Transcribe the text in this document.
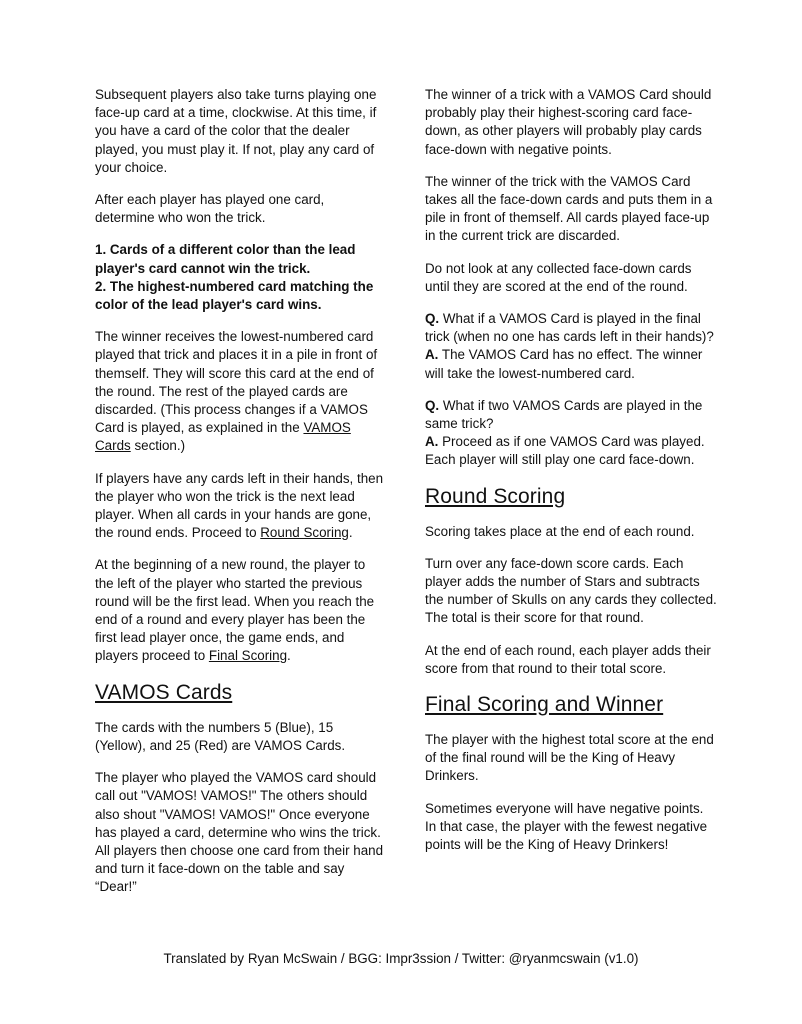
Subsequent players also take turns playing one face-up card at a time, clockwise. At this time, if you have a card of the color that the dealer played, you must play it. If not, play any card of your choice.

After each player has played one card, determine who won the trick.

1. Cards of a different color than the lead player's card cannot win the trick.
2. The highest-numbered card matching the color of the lead player's card wins.

The winner receives the lowest-numbered card played that trick and places it in a pile in front of themself. They will score this card at the end of the round. The rest of the played cards are discarded. (This process changes if a VAMOS Card is played, as explained in the VAMOS Cards section.)

If players have any cards left in their hands, then the player who won the trick is the next lead player. When all cards in your hands are gone, the round ends. Proceed to Round Scoring.

At the beginning of a new round, the player to the left of the player who started the previous round will be the first lead. When you reach the end of a round and every player has been the first lead player once, the game ends, and players proceed to Final Scoring.

VAMOS Cards

The cards with the numbers 5 (Blue), 15 (Yellow), and 25 (Red) are VAMOS Cards.

The player who played the VAMOS card should call out "VAMOS! VAMOS!" The others should also shout "VAMOS! VAMOS!" Once everyone has played a card, determine who wins the trick. All players then choose one card from their hand and turn it face-down on the table and say “Dear!”

The winner of a trick with a VAMOS Card should probably play their highest-scoring card face-down, as other players will probably play cards face-down with negative points.

The winner of the trick with the VAMOS Card takes all the face-down cards and puts them in a pile in front of themself. All cards played face-up in the current trick are discarded.

Do not look at any collected face-down cards until they are scored at the end of the round.

Q. What if a VAMOS Card is played in the final trick (when no one has cards left in their hands)?
A. The VAMOS Card has no effect. The winner will take the lowest-numbered card.

Q. What if two VAMOS Cards are played in the same trick?
A. Proceed as if one VAMOS Card was played. Each player will still play one card face-down.

Round Scoring

Scoring takes place at the end of each round.

Turn over any face-down score cards. Each player adds the number of Stars and subtracts the number of Skulls on any cards they collected. The total is their score for that round.

At the end of each round, each player adds their score from that round to their total score.

Final Scoring and Winner

The player with the highest total score at the end of the final round will be the King of Heavy Drinkers.

Sometimes everyone will have negative points. In that case, the player with the fewest negative points will be the King of Heavy Drinkers!

Translated by Ryan McSwain / BGG: Impr3ssion / Twitter: @ryanmcswain (v1.0)
